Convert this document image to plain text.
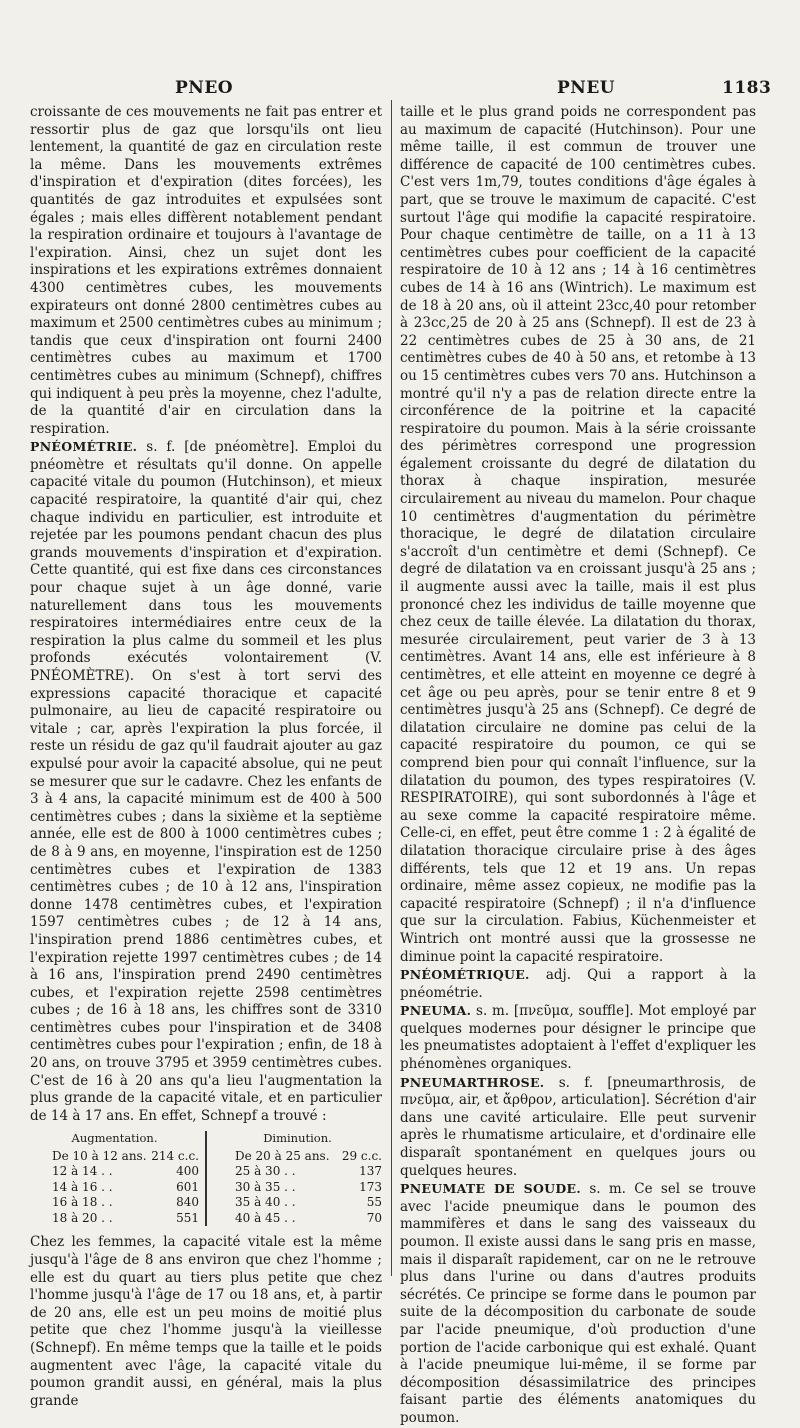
PNEO	PNEU	1183

croissante de ces mouvements ne fait pas entrer et ressortir plus de gaz que lorsqu'ils ont lieu lentement, la quantité de gaz en circulation reste la même. Dans les mouvements extrêmes d'inspiration et d'expiration (dites forcées), les quantités de gaz introduites et expulsées sont égales ; mais elles diffèrent notablement pendant la respiration ordinaire et toujours à l'avantage de l'expiration. Ainsi, chez un sujet dont les inspirations et les expirations extrêmes donnaient 4300 centimètres cubes, les mouvements expirateurs ont donné 2800 centimètres cubes au maximum et 2500 centimètres cubes au minimum ; tandis que ceux d'inspiration ont fourni 2400 centimètres cubes au maximum et 1700 centimètres cubes au minimum (Schnepf), chiffres qui indiquent à peu près la moyenne, chez l'adulte, de la quantité d'air en circulation dans la respiration.

PNÉOMÉTRIE. s. f. [de pnéomètre]. Emploi du pnéomètre et résultats qu'il donne. On appelle capacité vitale du poumon (Hutchinson), et mieux capacité respiratoire, la quantité d'air qui, chez chaque individu en particulier, est introduite et rejetée par les poumons pendant chacun des plus grands mouvements d'inspiration et d'expiration. Cette quantité, qui est fixe dans ces circonstances pour chaque sujet à un âge donné, varie naturellement dans tous les mouvements respiratoires intermédiaires entre ceux de la respiration la plus calme du sommeil et les plus profonds exécutés volontairement (V. PNÉOMÈTRE). On s'est à tort servi des expressions capacité thoracique et capacité pulmonaire, au lieu de capacité respiratoire ou vitale ; car, après l'expiration la plus forcée, il reste un résidu de gaz qu'il faudrait ajouter au gaz expulsé pour avoir la capacité absolue, qui ne peut se mesurer que sur le cadavre. Chez les enfants de 3 à 4 ans, la capacité minimum est de 400 à 500 centimètres cubes ; dans la sixième et la septième année, elle est de 800 à 1000 centimètres cubes ; de 8 à 9 ans, en moyenne, l'inspiration est de 1250 centimètres cubes et l'expiration de 1383 centimètres cubes ; de 10 à 12 ans, l'inspiration donne 1478 centimètres cubes, et l'expiration 1597 centimètres cubes ; de 12 à 14 ans, l'inspiration prend 1886 centimètres cubes, et l'expiration rejette 1997 centimètres cubes ; de 14 à 16 ans, l'inspiration prend 2490 centimètres cubes, et l'expiration rejette 2598 centimètres cubes ; de 16 à 18 ans, les chiffres sont de 3310 centimètres cubes pour l'inspiration et de 3408 centimètres cubes pour l'expiration ; enfin, de 18 à 20 ans, on trouve 3795 et 3959 centimètres cubes. C'est de 16 à 20 ans qu'a lieu l'augmentation la plus grande de la capacité vitale, et en particulier de 14 à 17 ans. En effet, Schnepf a trouvé :

Augmentation.
De 10 à 12 ans. 214 c.c.
12 à 14 . .	400
14 à 16 . .	601
16 à 18 . .	840
18 à 20 . .	551
Diminution.
De 20 à 25 ans. 29 c.c.
25 à 30 . .	137
30 à 35 . .	173
35 à 40 . .	55
40 à 45 . .	70

Chez les femmes, la capacité vitale est la même jusqu'à l'âge de 8 ans environ que chez l'homme ; elle est du quart au tiers plus petite que chez l'homme jusqu'à l'âge de 17 ou 18 ans, et, à partir de 20 ans, elle est un peu moins de moitié plus petite que chez l'homme jusqu'à la vieillesse (Schnepf). En même temps que la taille et le poids augmentent avec l'âge, la capacité vitale du poumon grandit aussi, en général, mais la plus grande

taille et le plus grand poids ne correspondent pas au maximum de capacité (Hutchinson). Pour une même taille, il est commun de trouver une différence de capacité de 100 centimètres cubes. C'est vers 1m,79, toutes conditions d'âge égales à part, que se trouve le maximum de capacité. C'est surtout l'âge qui modifie la capacité respiratoire. Pour chaque centimètre de taille, on a 11 à 13 centimètres cubes pour coefficient de la capacité respiratoire de 10 à 12 ans ; 14 à 16 centimètres cubes de 14 à 16 ans (Wintrich). Le maximum est de 18 à 20 ans, où il atteint 23cc,40 pour retomber à 23cc,25 de 20 à 25 ans (Schnepf). Il est de 23 à 22 centimètres cubes de 25 à 30 ans, de 21 centimètres cubes de 40 à 50 ans, et retombe à 13 ou 15 centimètres cubes vers 70 ans. Hutchinson a montré qu'il n'y a pas de relation directe entre la circonférence de la poitrine et la capacité respiratoire du poumon. Mais à la série croissante des périmètres correspond une progression également croissante du degré de dilatation du thorax à chaque inspiration, mesurée circulairement au niveau du mamelon. Pour chaque 10 centimètres d'augmentation du périmètre thoracique, le degré de dilatation circulaire s'accroît d'un centimètre et demi (Schnepf). Ce degré de dilatation va en croissant jusqu'à 25 ans ; il augmente aussi avec la taille, mais il est plus prononcé chez les individus de taille moyenne que chez ceux de taille élevée. La dilatation du thorax, mesurée circulairement, peut varier de 3 à 13 centimètres. Avant 14 ans, elle est inférieure à 8 centimètres, et elle atteint en moyenne ce degré à cet âge ou peu après, pour se tenir entre 8 et 9 centimètres jusqu'à 25 ans (Schnepf). Ce degré de dilatation circulaire ne domine pas celui de la capacité respiratoire du poumon, ce qui se comprend bien pour qui connaît l'influence, sur la dilatation du poumon, des types respiratoires (V. RESPIRATOIRE), qui sont subordonnés à l'âge et au sexe comme la capacité respiratoire même. Celle-ci, en effet, peut être comme 1 : 2 à égalité de dilatation thoracique circulaire prise à des âges différents, tels que 12 et 19 ans. Un repas ordinaire, même assez copieux, ne modifie pas la capacité respiratoire (Schnepf) ; il n'a d'influence que sur la circulation. Fabius, Küchenmeister et Wintrich ont montré aussi que la grossesse ne diminue point la capacité respiratoire.

PNÉOMÉTRIQUE. adj. Qui a rapport à la pnéométrie.

PNEUMA. s. m. [πνεῦμα, souffle]. Mot employé par quelques modernes pour désigner le principe que les pneumatistes adoptaient à l'effet d'expliquer les phénomènes organiques.

PNEUMARTHROSE. s. f. [pneumarthrosis, de πνεῦμα, air, et ἄρθρον, articulation]. Sécrétion d'air dans une cavité articulaire. Elle peut survenir après le rhumatisme articulaire, et d'ordinaire elle disparaît spontanément en quelques jours ou quelques heures.

PNEUMATE DE SOUDE. s. m. Ce sel se trouve avec l'acide pneumique dans le poumon des mammifères et dans le sang des vaisseaux du poumon. Il existe aussi dans le sang pris en masse, mais il disparaît rapidement, car on ne le retrouve plus dans l'urine ou dans d'autres produits sécrétés. Ce principe se forme dans le poumon par suite de la décomposition du carbonate de soude par l'acide pneumique, d'où production d'une portion de l'acide carbonique qui est exhalé. Quant à l'acide pneumique lui-même, il se forme par décomposition désassimilatrice des principes faisant partie des éléments anatomiques du poumon.
